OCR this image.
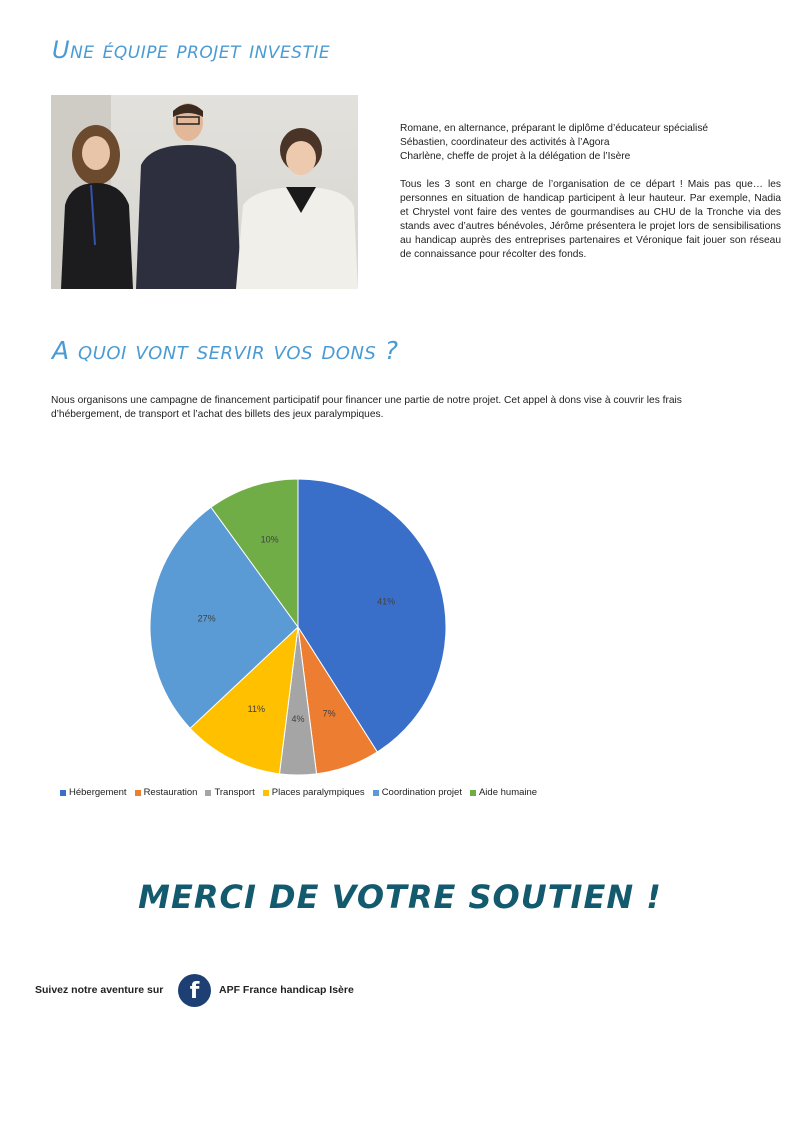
Une équipe projet investie

Romane, en alternance, préparant le diplôme d’éducateur spécialisé

Sébastien, coordinateur des activités à l’Agora

Charlène, cheffe de projet à la délégation de l’Isère

Tous les 3 sont en charge de l’organisation de ce départ ! Mais pas que… les personnes en situation de handicap participent à leur hauteur. Par exemple, Nadia et Chrystel vont faire des ventes de gourmandises au CHU de la Tronche via des stands avec d’autres bénévoles, Jérôme présentera le projet lors de sensibilisations au handicap auprès des entreprises partenaires et Véronique fait jouer son réseau de connaissance pour récolter des fonds.

A quoi vont servir vos dons ?

Nous organisons une campagne de financement participatif pour financer une partie de notre projet. Cet appel à dons vise à couvrir les frais d’hébergement, de transport et l’achat des billets des jeux paralympiques.

41%
7%
4%
11%
27%
10%
Hébergement Restauration Transport Places paralympiques Coordination projet Aide humaine
MERCI DE VOTRE SOUTIEN !
Suivez notre aventure sur	f	APF France handicap Isère
